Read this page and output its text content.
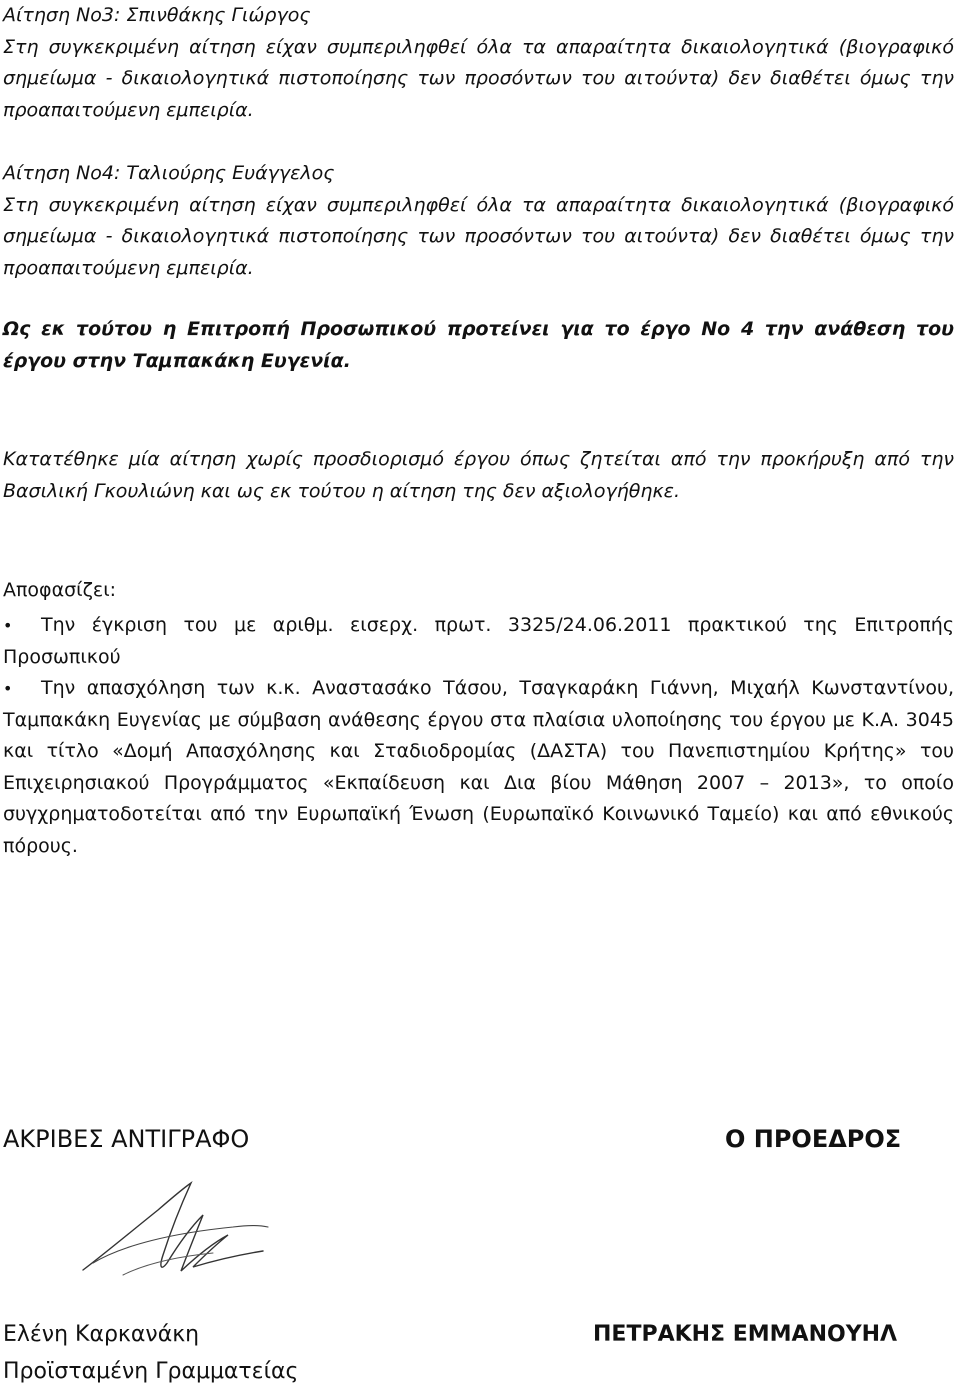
Αίτηση Νο3: Σπινθάκης Γιώργος
Στη συγκεκριμένη αίτηση είχαν συμπεριληφθεί όλα τα απαραίτητα δικαιολογητικά (βιογραφικό σημείωμα - δικαιολογητικά πιστοποίησης των προσόντων του αιτούντα) δεν διαθέτει όμως την προαπαιτούμενη εμπειρία.
Αίτηση Νο4: Ταλιούρης Ευάγγελος
Στη συγκεκριμένη αίτηση είχαν συμπεριληφθεί όλα τα απαραίτητα δικαιολογητικά (βιογραφικό σημείωμα - δικαιολογητικά πιστοποίησης των προσόντων του αιτούντα) δεν διαθέτει όμως την προαπαιτούμενη εμπειρία.
Ως εκ τούτου η Επιτροπή Προσωπικού προτείνει για το έργο Νο 4 την ανάθεση του έργου στην Ταμπακάκη Ευγενία.
Κατατέθηκε μία αίτηση χωρίς προσδιορισμό έργου όπως ζητείται από την προκήρυξη από την Βασιλική Γκουλιώνη και ως εκ τούτου η αίτηση της δεν αξιολογήθηκε.
Αποφασίζει:
• Την έγκριση του με αριθμ. εισερχ. πρωτ. 3325/24.06.2011 πρακτικού της Επιτροπής Προσωπικού
• Την απασχόληση των κ.κ. Αναστασάκο Τάσου, Τσαγκαράκη Γιάννη, Μιχαήλ Κωνσταντίνου, Ταμπακάκη Ευγενίας με σύμβαση ανάθεσης έργου στα πλαίσια υλοποίησης του έργου με Κ.Α. 3045 και τίτλο «Δομή Απασχόλησης και Σταδιοδρομίας (ΔΑΣΤΑ) του Πανεπιστημίου Κρήτης» του Επιχειρησιακού Προγράμματος «Εκπαίδευση και Δια βίου Μάθηση 2007 – 2013», το οποίο συγχρηματοδοτείται από την Ευρωπαϊκή Ένωση (Ευρωπαϊκό Κοινωνικό Ταμείο) και από εθνικούς πόρους.
ΑΚΡΙΒΕΣ ΑΝΤΙΓΡΑΦΟ	Ο ΠΡΟΕΔΡΟΣ
Ελένη Καρκανάκη
Προϊσταμένη Γραμματείας
ΠΕΤΡΑΚΗΣ ΕΜΜΑΝΟΥΗΛ
